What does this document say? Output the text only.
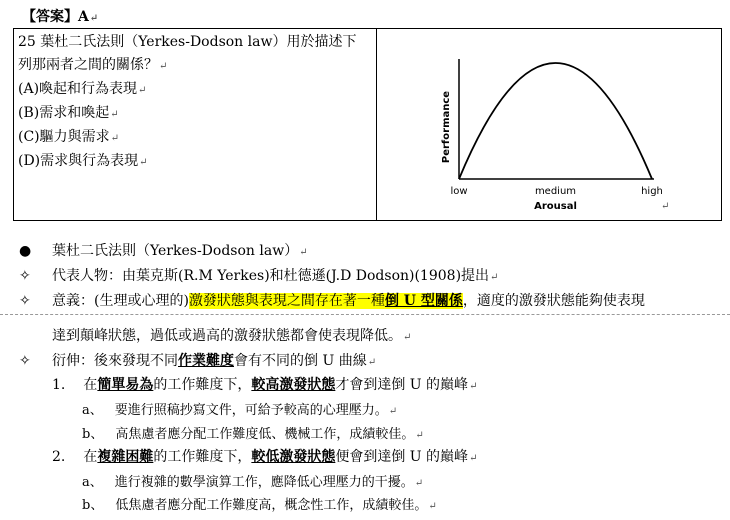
【答案】A↵
25 葉杜二氏法則（Yerkes-Dodson law）用於描述下
列那兩者之間的關係？↵
(A)喚起和行為表現↵
(B)需求和喚起↵
(C)驅力與需求↵
(D)需求與行為表現↵

low	medium	high
Arousal
Performance
↵
● 葉杜二氏法則（Yerkes-Dodson law）↵
✧ 代表人物：由葉克斯(R.M Yerkes)和杜德遜(J.D Dodson)(1908)提出↵
✧ 意義：(生理或心理的)激發狀態與表現之間存在著一種倒 U 型關係，適度的激發狀態能夠使表現
達到顛峰狀態，過低或過高的激發狀態都會使表現降低。↵
✧ 衍伸：後來發現不同作業難度會有不同的倒 U 曲線↵
1. 在簡單易為的工作難度下，較高激發狀態才會到達倒 U 的巔峰↵
a、 要進行照稿抄寫文件，可給予較高的心理壓力。↵
b、 高焦慮者應分配工作難度低、機械工作，成績較佳。↵
2. 在複雜困難的工作難度下，較低激發狀態便會到達倒 U 的巔峰↵
a、 進行複雜的數學演算工作，應降低心理壓力的干擾。↵
b、 低焦慮者應分配工作難度高，概念性工作，成績較佳。↵
